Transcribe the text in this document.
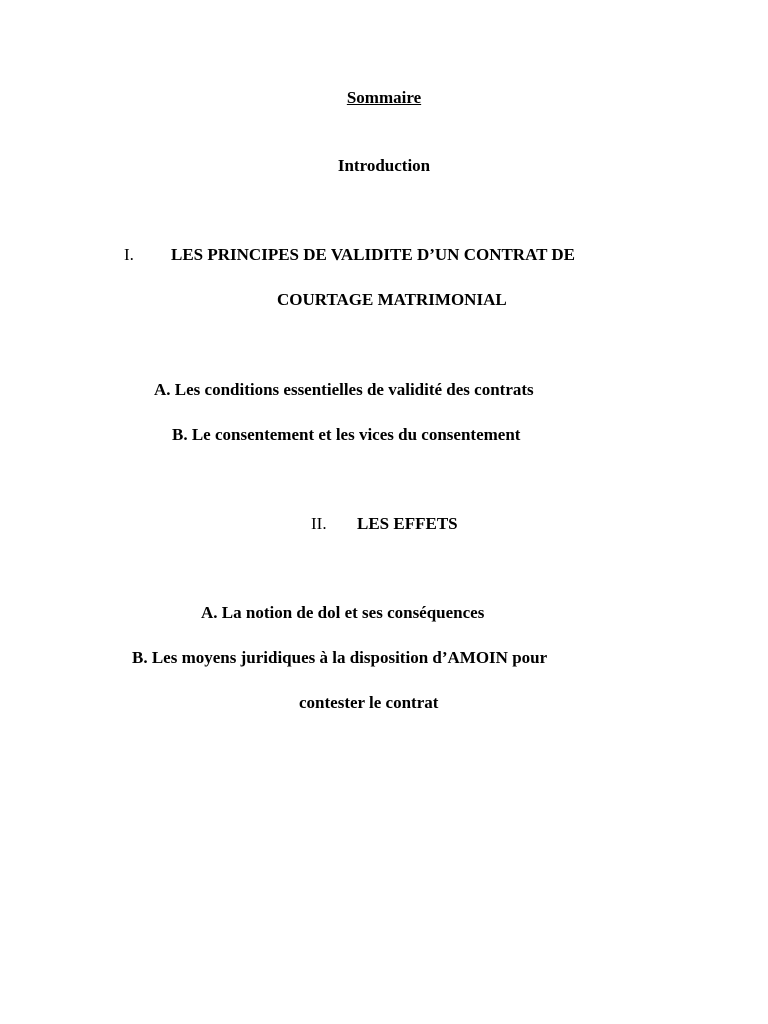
Sommaire
Introduction
I. LES PRINCIPES DE VALIDITE D’UN CONTRAT DE
COURTAGE MATRIMONIAL
A. Les conditions essentielles de validité des contrats
B. Le consentement et les vices du consentement
II. LES EFFETS
A. La notion de dol et ses conséquences
B. Les moyens juridiques à la disposition d’AMOIN pour
contester le contrat
